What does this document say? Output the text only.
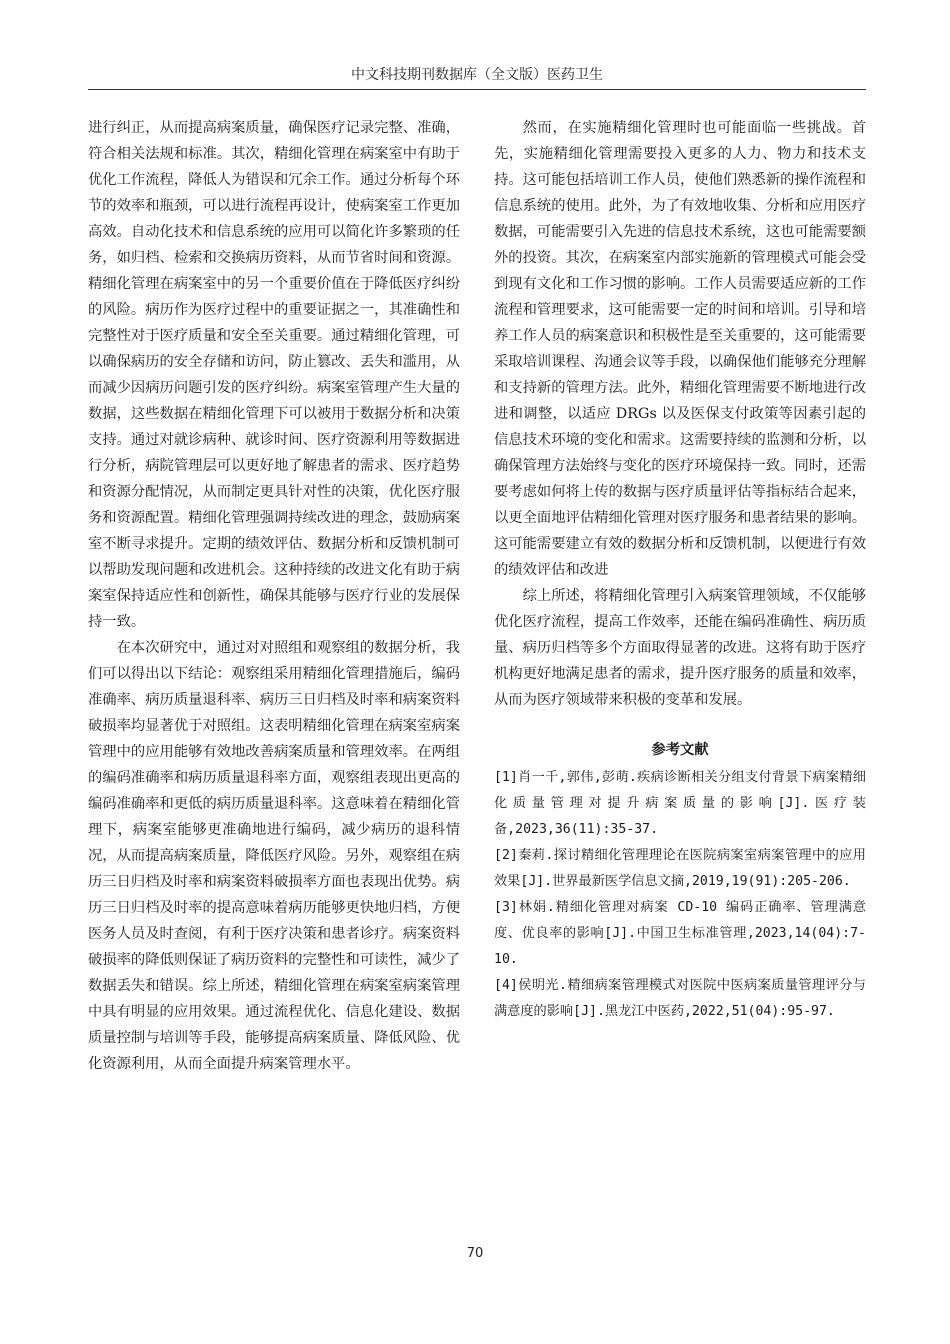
中文科技期刊数据库（全文版）医药卫生

进行纠正，从而提高病案质量，确保医疗记录完整、准确，符合相关法规和标准。其次，精细化管理在病案室中有助于优化工作流程，降低人为错误和冗余工作。通过分析每个环节的效率和瓶颈，可以进行流程再设计，使病案室工作更加高效。自动化技术和信息系统的应用可以简化许多繁琐的任务，如归档、检索和交换病历资料，从而节省时间和资源。精细化管理在病案室中的另一个重要价值在于降低医疗纠纷的风险。病历作为医疗过程中的重要证据之一，其准确性和完整性对于医疗质量和安全至关重要。通过精细化管理，可以确保病历的安全存储和访问，防止篡改、丢失和滥用，从而减少因病历问题引发的医疗纠纷。病案室管理产生大量的数据，这些数据在精细化管理下可以被用于数据分析和决策支持。通过对就诊病种、就诊时间、医疗资源利用等数据进行分析，病院管理层可以更好地了解患者的需求、医疗趋势和资源分配情况，从而制定更具针对性的决策，优化医疗服务和资源配置。精细化管理强调持续改进的理念，鼓励病案室不断寻求提升。定期的绩效评估、数据分析和反馈机制可以帮助发现问题和改进机会。这种持续的改进文化有助于病案室保持适应性和创新性，确保其能够与医疗行业的发展保持一致。

在本次研究中，通过对对照组和观察组的数据分析，我们可以得出以下结论：观察组采用精细化管理措施后，编码准确率、病历质量退科率、病历三日归档及时率和病案资料破损率均显著优于对照组。这表明精细化管理在病案室病案管理中的应用能够有效地改善病案质量和管理效率。在两组的编码准确率和病历质量退科率方面，观察组表现出更高的编码准确率和更低的病历质量退科率。这意味着在精细化管理下，病案室能够更准确地进行编码，减少病历的退科情况，从而提高病案质量，降低医疗风险。另外，观察组在病历三日归档及时率和病案资料破损率方面也表现出优势。病历三日归档及时率的提高意味着病历能够更快地归档，方便医务人员及时查阅，有利于医疗决策和患者诊疗。病案资料破损率的降低则保证了病历资料的完整性和可读性，减少了数据丢失和错误。综上所述，精细化管理在病案室病案管理中具有明显的应用效果。通过流程优化、信息化建设、数据质量控制与培训等手段，能够提高病案质量、降低风险、优化资源利用，从而全面提升病案管理水平。

然而，在实施精细化管理时也可能面临一些挑战。首先，实施精细化管理需要投入更多的人力、物力和技术支持。这可能包括培训工作人员，使他们熟悉新的操作流程和信息系统的使用。此外，为了有效地收集、分析和应用医疗数据，可能需要引入先进的信息技术系统，这也可能需要额外的投资。其次，在病案室内部实施新的管理模式可能会受到现有文化和工作习惯的影响。工作人员需要适应新的工作流程和管理要求，这可能需要一定的时间和培训。引导和培养工作人员的病案意识和积极性是至关重要的，这可能需要采取培训课程、沟通会议等手段，以确保他们能够充分理解和支持新的管理方法。此外，精细化管理需要不断地进行改进和调整，以适应 DRGs 以及医保支付政策等因素引起的信息技术环境的变化和需求。这需要持续的监测和分析，以确保管理方法始终与变化的医疗环境保持一致。同时，还需要考虑如何将上传的数据与医疗质量评估等指标结合起来，以更全面地评估精细化管理对医疗服务和患者结果的影响。这可能需要建立有效的数据分析和反馈机制，以便进行有效的绩效评估和改进

综上所述，将精细化管理引入病案管理领域，不仅能够优化医疗流程，提高工作效率，还能在编码准确性、病历质量、病历归档等多个方面取得显著的改进。这将有助于医疗机构更好地满足患者的需求，提升医疗服务的质量和效率，从而为医疗领域带来积极的变革和发展。

参考文献

[1]肖一千,郭伟,彭萌.疾病诊断相关分组支付背景下病案精细化质量管理对提升病案质量的影响[J].医疗装备,2023,36(11):35-37.

[2]秦莉.探讨精细化管理理论在医院病案室病案管理中的应用效果[J].世界最新医学信息文摘,2019,19(91):205-206.

[3]林娟.精细化管理对病案 CD-10 编码正确率、管理满意度、优良率的影响[J].中国卫生标准管理,2023,14(04):7-10.

[4]侯明光.精细病案管理模式对医院中医病案质量管理评分与满意度的影响[J].黑龙江中医药,2022,51(04):95-97.

70
